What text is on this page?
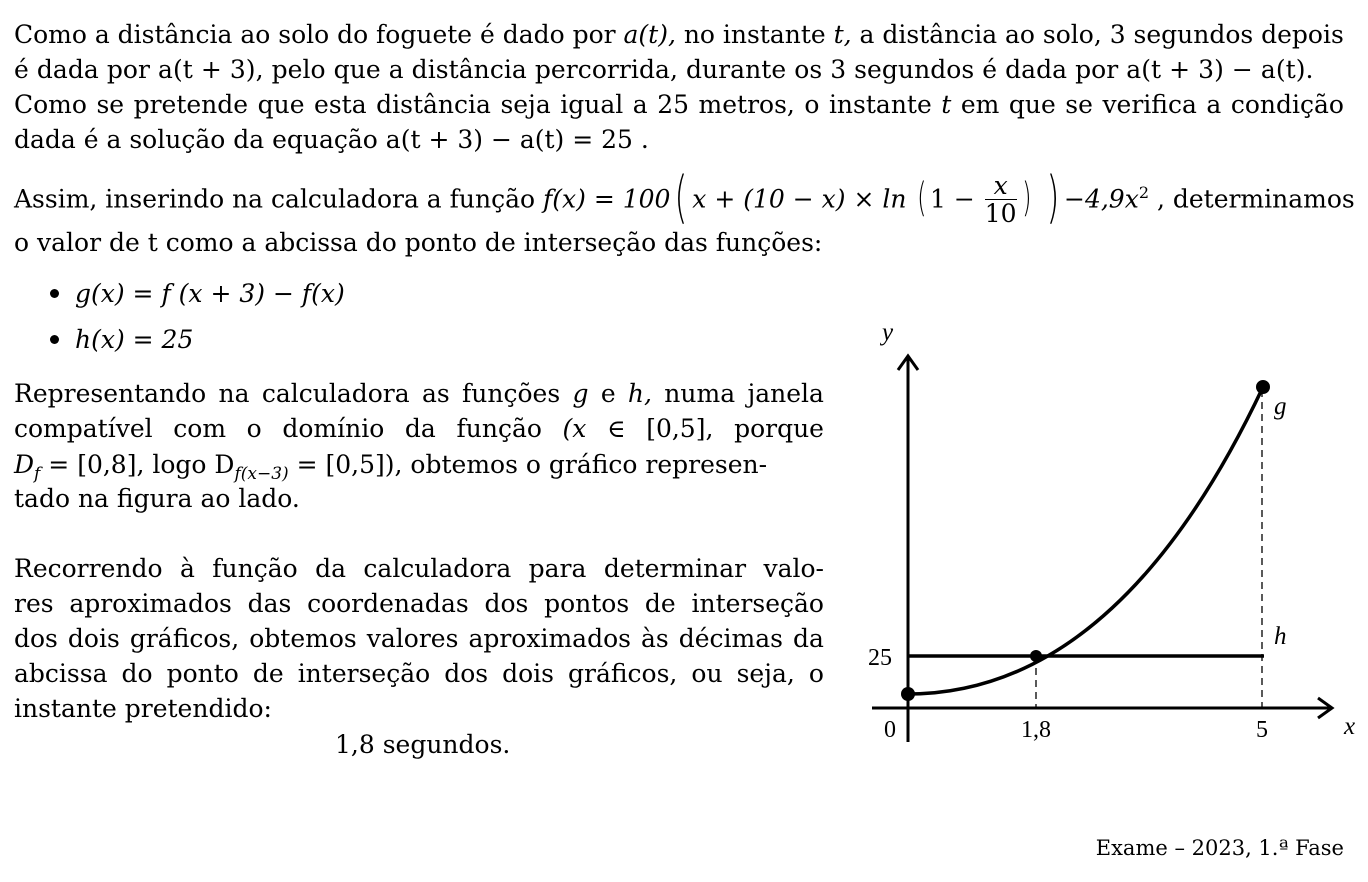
Como a distância ao solo do foguete é dado por a(t), no instante t, a distância ao solo, 3 segundos depois
é dada por a(t + 3), pelo que a distância percorrida, durante os 3 segundos é dada por a(t + 3) − a(t).
Como se pretende que esta distância seja igual a 25 metros, o instante t em que se verifica a condição
dada é a solução da equação a(t + 3) − a(t) = 25 .
Assim, inserindo na calculadora a função f(x) = 100( x + (10 − x) × ln ( $1 - \frac{x}{10}$ ) ) $-4,9x^2$ , determinamos
o valor de t como a abcissa do ponto de interseção das funções:
g(x) = f (x + 3) − f(x)
h(x) = 25
Representando na calculadora as funções g e h, numa janela
compatível com o domínio da função (x ∈ [0,5], porque
$D_f = [0,8]$, logo $D_{f(x-3)} = [0,5]$), obtemos o gráfico represen-
tado na figura ao lado.
Recorrendo à função da calculadora para determinar valo-
res aproximados das coordenadas dos pontos de interseção
dos dois gráficos, obtemos valores aproximados às décimas da
abcissa do ponto de interseção dos dois gráficos, ou seja, o
instante pretendido:
1,8 segundos.
y
x
g
h
0
25
1,8	5
Exame – 2023, 1.ª Fase
